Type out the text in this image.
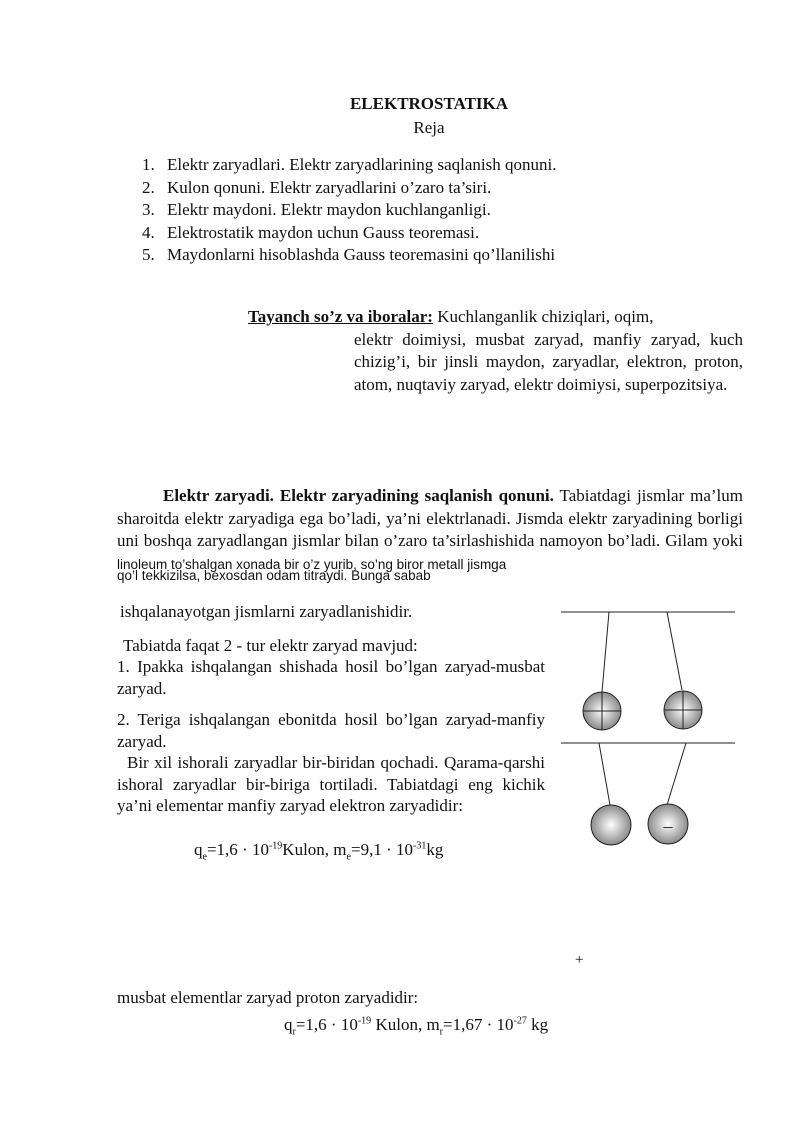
ELEKTROSTATIKA
Reja
1. Elektr zaryadlari. Elektr zaryadlarining saqlanish qonuni.
2. Kulon qonuni. Elektr zaryadlarini o’zaro ta’siri.
3. Elektr maydoni. Elektr maydon kuchlanganligi.
4. Elektrostatik maydon uchun Gauss teoremasi.
5. Maydonlarni hisoblashda Gauss teoremasini qo’llanilishi
Tayanch so’z va iboralar: Kuchlanganlik chiziqlari, oqim,
elektr doimiysi, musbat zaryad, manfiy zaryad, kuch chizig’i, bir jinsli maydon, zaryadlar, elektron, proton, atom, nuqtaviy zaryad, elektr doimiysi, superpozitsiya.
Elektr zaryadi. Elektr zaryadining saqlanish qonuni. Tabiatdagi jismlar ma’lum sharoitda elektr zaryadiga ega bo’ladi, ya’ni elektrlanadi. Jismda elektr zaryadining borligi uni boshqa zaryadlangan jismlar bilan o’zaro ta’sirlashishida namoyon bo’ladi. Gilam yoki linoleum to’shalgan xonada bir o’z yurib, so’ng biror metall jismga
qo’l tekkizilsa, bexosdan odam titraydi. Bunga sabab
ishqalanayotgan jismlarni zaryadlanishidir.
Tabiatda faqat 2 - tur elektr zaryad mavjud:
1. Ipakka ishqalangan shishada hosil bo’lgan zaryad-musbat zaryad.
2. Teriga ishqalangan ebonitda hosil bo’lgan zaryad-manfiy zaryad.
Bir xil ishorali zaryadlar bir-biridan qochadi. Qarama-qarshi ishoral zaryadlar bir-biriga tortiladi. Tabiatdagi eng kichik ya’ni elementar manfiy zaryad elektron zaryadidir:
$q_e=1,6$ · $10^{-19}Kulon$, $m_e=9,1 \cdot 10^{-31}kg$
–
+
musbat elementlar zaryad proton zaryadidir:
$q_r=1,6 \cdot 10^{-19}$ Kulon, $m_r=1,67 \cdot 10^{-27}$ kg
